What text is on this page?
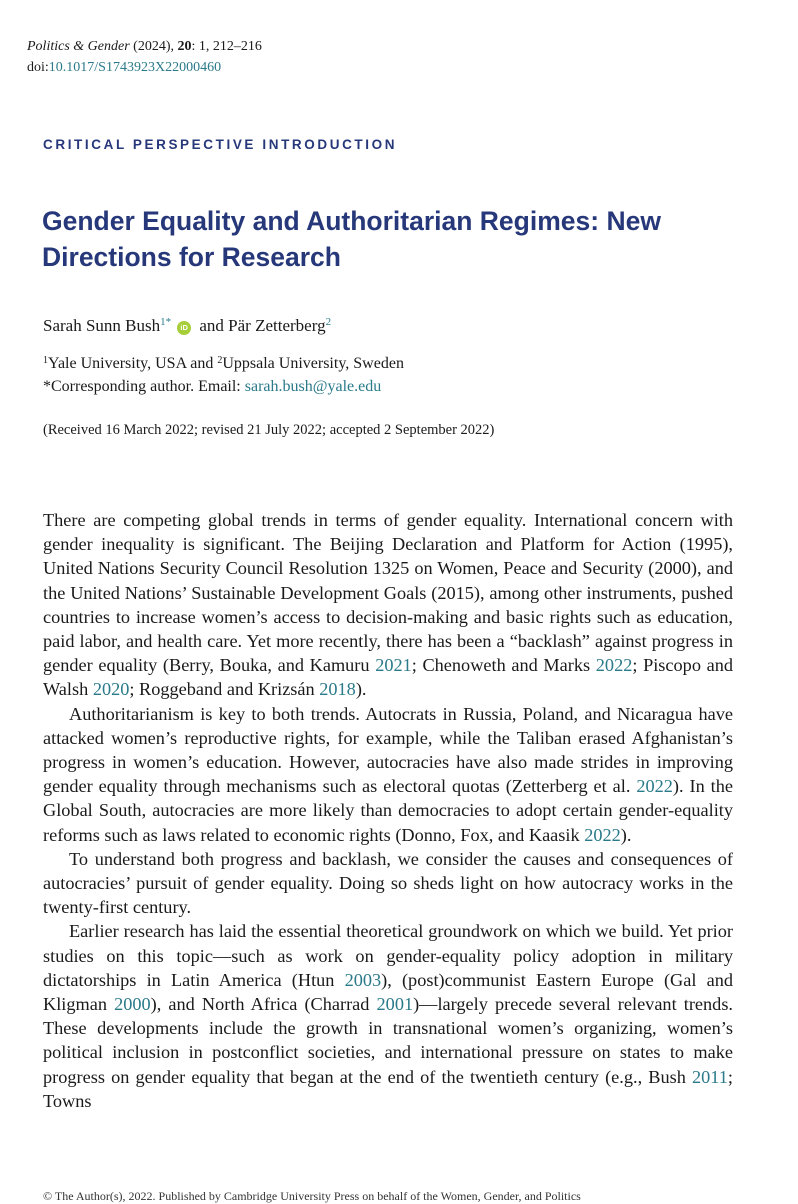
Politics & Gender (2024), 20: 1, 212–216
doi:10.1017/S1743923X22000460
CRITICAL PERSPECTIVE INTRODUCTION
Gender Equality and Authoritarian Regimes: New Directions for Research
Sarah Sunn Bush$^{1*}$ iD and Pär Zetterberg$^2$
$^1$Yale University, USA and $^2$Uppsala University, Sweden
*Corresponding author. Email: sarah.bush@yale.edu
(Received 16 March 2022; revised 21 July 2022; accepted 2 September 2022)

There are competing global trends in terms of gender equality. International concern with gender inequality is significant. The Beijing Declaration and Platform for Action (1995), United Nations Security Council Resolution 1325 on Women, Peace and Security (2000), and the United Nations’ Sustainable Development Goals (2015), among other instruments, pushed countries to increase women’s access to decision-making and basic rights such as education, paid labor, and health care. Yet more recently, there has been a “backlash” against progress in gender equality (Berry, Bouka, and Kamuru 2021; Chenoweth and Marks 2022; Piscopo and Walsh 2020; Roggeband and Krizsán 2018).

Authoritarianism is key to both trends. Autocrats in Russia, Poland, and Nicaragua have attacked women’s reproductive rights, for example, while the Taliban erased Afghanistan’s progress in women’s education. However, autocracies have also made strides in improving gender equality through mechanisms such as electoral quotas (Zetterberg et al. 2022). In the Global South, autocracies are more likely than democracies to adopt certain gender-equality reforms such as laws related to economic rights (Donno, Fox, and Kaasik 2022).

To understand both progress and backlash, we consider the causes and consequences of autocracies’ pursuit of gender equality. Doing so sheds light on how autocracy works in the twenty-first century.

Earlier research has laid the essential theoretical groundwork on which we build. Yet prior studies on this topic—such as work on gender-equality policy adoption in military dictatorships in Latin America (Htun 2003), (post)communist Eastern Europe (Gal and Kligman 2000), and North Africa (Charrad 2001)—largely precede several relevant trends. These developments include the growth in transnational women’s organizing, women’s political inclusion in postconflict societies, and international pressure on states to make progress on gender equality that began at the end of the twentieth century (e.g., Bush 2011; Towns

© The Author(s), 2022. Published by Cambridge University Press on behalf of the Women, Gender, and Politics
